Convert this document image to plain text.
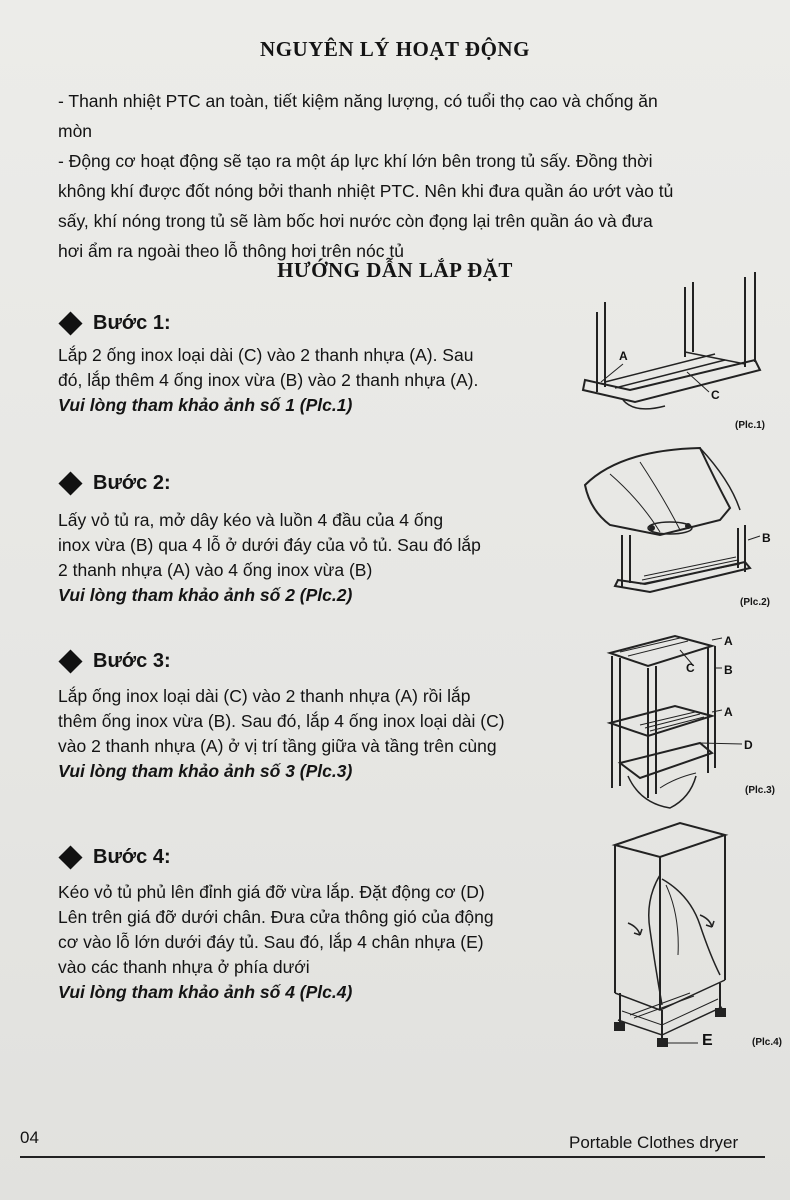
NGUYÊN LÝ HOẠT ĐỘNG

- Thanh nhiệt PTC an toàn, tiết kiệm năng lượng, có tuổi thọ cao và chống ăn
mòn
- Động cơ hoạt động sẽ tạo ra một áp lực khí lớn bên trong tủ sấy. Đồng thời
không khí được đốt nóng bởi thanh nhiệt PTC. Nên khi đưa quần áo ướt vào tủ
sấy, khí nóng trong tủ sẽ làm bốc hơi nước còn đọng lại trên quần áo và đưa
hơi ẩm ra ngoài theo lỗ thông hơi trên nóc tủ

HƯỚNG DẪN LẮP ĐẶT
Bước 1:
Lắp 2 ống inox loại dài (C) vào 2 thanh nhựa (A). Sau
đó, lắp thêm 4 ống inox vừa (B) vào 2 thanh nhựa (A).
Vui lòng tham khảo ảnh số 1 (Plc.1)
A
C
(Plc.1)
Bước 2:
Lấy vỏ tủ ra, mở dây kéo và luồn 4 đầu của 4 ống
inox vừa (B) qua 4 lỗ ở dưới đáy của vỏ tủ. Sau đó lắp
2 thanh nhựa (A) vào 4 ống inox vừa (B)
Vui lòng tham khảo ảnh số 2 (Plc.2)
B
(Plc.2)
Bước 3:
Lắp ống inox loại dài (C) vào 2 thanh nhựa (A) rồi lắp
thêm ống inox vừa (B). Sau đó, lắp 4 ống inox loại dài (C)
vào 2 thanh nhựa (A) ở vị trí tầng giữa và tầng trên cùng
Vui lòng tham khảo ảnh số 3 (Plc.3)
A
C B
A
D
(Plc.3)
Bước 4:
Kéo vỏ tủ phủ lên đỉnh giá đỡ vừa lắp. Đặt động cơ (D)
Lên trên giá đỡ dưới chân. Đưa cửa thông gió của động
cơ vào lỗ lớn dưới đáy tủ. Sau đó, lắp 4 chân nhựa (E)
vào các thanh nhựa ở phía dưới
Vui lòng tham khảo ảnh số 4 (Plc.4)
E	(Plc.4)
04	Portable Clothes dryer
